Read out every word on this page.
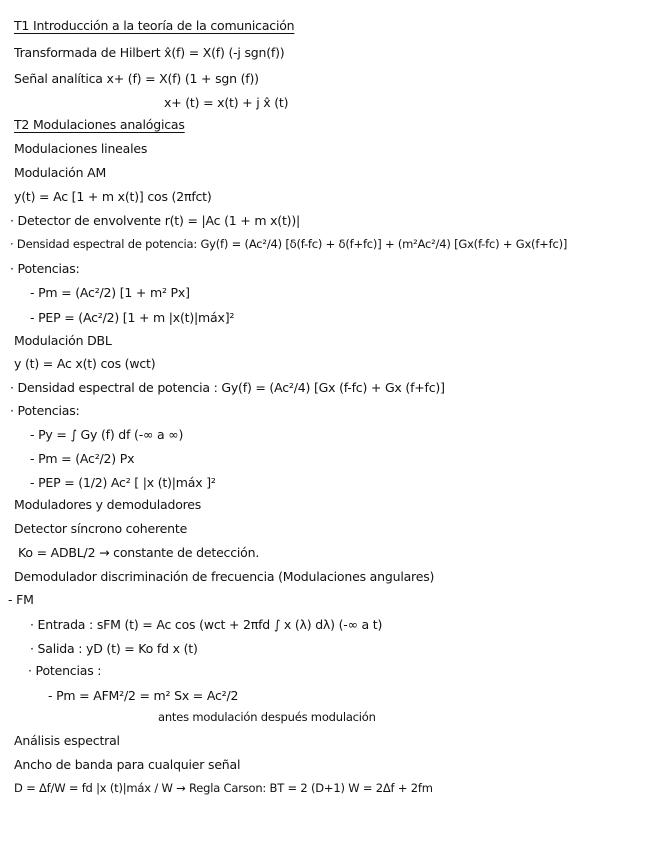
T1 Introducción a la teoría de la comunicación
Transformada de Hilbert x̂(f) = X(f) (-j sgn(f))
Señal analítica x+ (f) = X(f) (1 + sgn (f))
x+ (t) = x(t) + j x̂ (t)
T2 Modulaciones analógicas
Modulaciones lineales
Modulación AM
y(t) = Ac [1 + m x(t)] cos (2πfct)
· Detector de envolvente r(t) = |Ac (1 + m x(t))|
· Densidad espectral de potencia: Gy(f) = (Ac²/4) [δ(f-fc) + δ(f+fc)] + (m²Ac²/4) [Gx(f-fc) + Gx(f+fc)]
· Potencias:
- Pm = (Ac²/2) [1 + m² Px]
- PEP = (Ac²/2) [1 + m |x(t)|máx]²
Modulación DBL
y (t) = Ac x(t) cos (wct)
· Densidad espectral de potencia : Gy(f) = (Ac²/4) [Gx (f-fc) + Gx (f+fc)]
· Potencias:
- Py = ∫ Gy (f) df (-∞ a ∞)
- Pm = (Ac²/2) Px
- PEP = (1/2) Ac² [ |x (t)|máx ]²
Moduladores y demoduladores
Detector síncrono coherente
Ko = ADBL/2 → constante de detección.
Demodulador discriminación de frecuencia (Modulaciones angulares)
- FM
· Entrada : sFM (t) = Ac cos (wct + 2πfd ∫ x (λ) dλ) (-∞ a t)
· Salida : yD (t) = Ko fd x (t)
· Potencias :
- Pm = AFM²/2 = m² Sx = Ac²/2
antes modulación después modulación
Análisis espectral
Ancho de banda para cualquier señal
D = Δf/W = fd |x (t)|máx / W → Regla Carson: BT = 2 (D+1) W = 2Δf + 2fm
